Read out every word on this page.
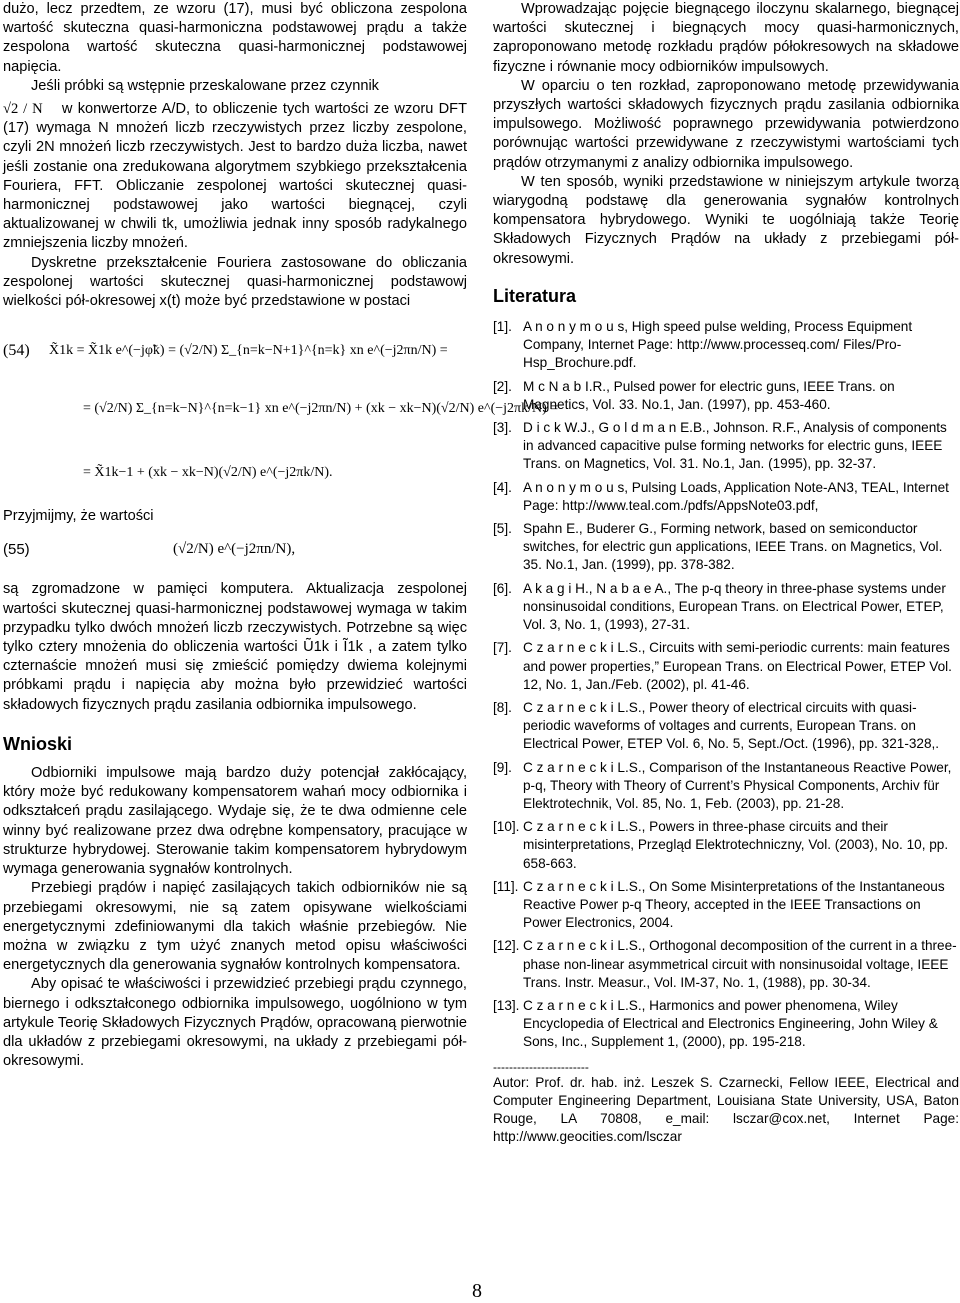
dużo, lecz przedtem, ze wzoru (17), musi być obliczona zespolona wartość skuteczna quasi-harmoniczna podstawowej prądu a także zespolona wartość skuteczna quasi-harmonicznej podstawowej napięcia.

Jeśli próbki są wstępnie przeskalowane przez czynnik

√2 / N w konwertorze A/D, to obliczenie tych wartości ze wzoru DFT (17) wymaga N mnożeń liczb rzeczywistych przez liczby zespolone, czyli 2N mnożeń liczb rzeczywistych. Jest to bardzo duża liczba, nawet jeśli zostanie ona zredukowana algorytmem szybkiego przekształcenia Fouriera, FFT. Obliczanie zespolonej wartości skutecznej quasi-harmonicznej podstawowej jako wartości biegnącej, czyli aktualizowanej w chwili tk, umożliwia jednak inny sposób radykalnego zmniejszenia liczby mnożeń.

Dyskretne przekształcenie Fouriera zastosowane do obliczania zespolonej wartości skutecznej quasi-harmonicznej podstawowj wielkości pół-okresowej x(t) może być przedstawione w postaci

(54) X̃1k = X̃1k e^(−jφ̃k) = (√2/N) Σ_{n=k−N+1}^{n=k} xn e^(−j2πn/N) =
= (√2/N) Σ_{n=k−N}^{n=k−1} xn e^(−j2πn/N) + (xk − xk−N)(√2/N) e^(−j2πk/N) =
= X̃1k−1 + (xk − xk−N)(√2/N) e^(−j2πk/N).

Przyjmijmy, że wartości

(55)	(√2/N) e^(−j2πn/N),

są zgromadzone w pamięci komputera. Aktualizacja zespolonej wartości skutecznej quasi-harmonicznej podstawowej wymaga w takim przypadku tylko dwóch mnożeń liczb rzeczywistych. Potrzebne są więc tylko cztery mnożenia do obliczenia wartości Ũ1k i Ĩ1k , a zatem tylko czternaście mnożeń musi się zmieścić pomiędzy dwiema kolejnymi próbkami prądu i napięcia aby można było przewidzieć wartości składowych fizycznych prądu zasilania odbiornika impulsowego.

Wnioski

Odbiorniki impulsowe mają bardzo duży potencjał zakłócający, który może być redukowany kompensatorem wahań mocy odbiornika i odkształceń prądu zasilającego. Wydaje się, że te dwa odmienne cele winny być realizowane przez dwa odrębne kompensatory, pracujące w strukturze hybrydowej. Sterowanie takim kompensatorem hybrydowym wymaga generowania sygnałów kontrolnych.

Przebiegi prądów i napięć zasilających takich odbiorników nie są przebiegami okresowymi, nie są zatem opisywane wielkościami energetycznymi zdefiniowanymi dla takich właśnie przebiegów. Nie można w związku z tym użyć znanych metod opisu właściwości energetycznych dla generowania sygnałów kontrolnych kompensatora.

Aby opisać te właściwości i przewidzieć przebiegi prądu czynnego, biernego i odkształconego odbiornika impulsowego, uogólniono w tym artykule Teorię Składowych Fizycznych Prądów, opracowaną pierwotnie dla układów z przebiegami okresowymi, na układy z przebiegami pół-okresowymi.

Wprowadzając pojęcie biegnącego iloczynu skalarnego, biegnącej wartości skutecznej i biegnących mocy quasi-harmonicznych, zaproponowano metodę rozkładu prądów półokresowych na składowe fizyczne i równanie mocy odbiorników impulsowych.

W oparciu o ten rozkład, zaproponowano metodę przewidywania przyszłych wartości składowych fizycznych prądu zasilania odbiornika impulsowego. Możliwość poprawnego przewidywania potwierdzono porównując wartości przewidywane z rzeczywistymi wartościami tych prądów otrzymanymi z analizy odbiornika impulsowego.

W ten sposób, wyniki przedstawione w niniejszym artykule tworzą wiarygodną podstawę dla generowania sygnałów kontrolnych kompensatora hybrydowego. Wyniki te uogólniają także Teorię Składowych Fizycznych Prądów na układy z przebiegami pół-okresowymi.

Literatura

[1]. A n o n y m o u s, High speed pulse welding, Process Equipment Company, Internet Page: http://www.processeq.com/ Files/Pro-Hsp_Brochure.pdf.
[2]. M c N a b I.R., Pulsed power for electric guns, IEEE Trans. on Magnetics, Vol. 33. No.1, Jan. (1997), pp. 453-460.
[3]. D i c k W.J., G o l d m a n E.B., Johnson. R.F., Analysis of components in advanced capacitive pulse forming networks for electric guns, IEEE Trans. on Magnetics, Vol. 31. No.1, Jan. (1995), pp. 32-37.
[4]. A n o n y m o u s, Pulsing Loads, Application Note-AN3, TEAL, Internet Page: http://www.teal.com./pdfs/AppsNote03.pdf,
[5]. Spahn E., Buderer G., Forming network, based on semiconductor switches, for electric gun applications, IEEE Trans. on Magnetics, Vol. 35. No.1, Jan. (1999), pp. 378-382.
[6]. A k a g i H., N a b a e A., The p-q theory in three-phase systems under nonsinusoidal conditions, European Trans. on Electrical Power, ETEP, Vol. 3, No. 1, (1993), 27-31.
[7]. C z a r n e c k i L.S., Circuits with semi-periodic currents: main features and power properties,” European Trans. on Electrical Power, ETEP Vol. 12, No. 1, Jan./Feb. (2002), pl. 41-46.
[8]. C z a r n e c k i L.S., Power theory of electrical circuits with quasi-periodic waveforms of voltages and currents, European Trans. on Electrical Power, ETEP Vol. 6, No. 5, Sept./Oct. (1996), pp. 321-328,.
[9]. C z a r n e c k i L.S., Comparison of the Instantaneous Reactive Power, p-q, Theory with Theory of Current’s Physical Components, Archiv für Elektrotechnik, Vol. 85, No. 1, Feb. (2003), pp. 21-28.
[10]. C z a r n e c k i L.S., Powers in three-phase circuits and their misinterpretations, Przegląd Elektrotechniczny, Vol. (2003), No. 10, pp. 658-663.
[11]. C z a r n e c k i L.S., On Some Misinterpretations of the Instantaneous Reactive Power p-q Theory, accepted in the IEEE Transactions on Power Electronics, 2004.
[12]. C z a r n e c k i L.S., Orthogonal decomposition of the current in a three-phase non-linear asymmetrical circuit with nonsinusoidal voltage, IEEE Trans. Instr. Measur., Vol. IM-37, No. 1, (1988), pp. 30-34.
[13]. C z a r n e c k i L.S., Harmonics and power phenomena, Wiley Encyclopedia of Electrical and Electronics Engineering, John Wiley & Sons, Inc., Supplement 1, (2000), pp. 195-218.

------------------------

Autor: Prof. dr. hab. inż. Leszek S. Czarnecki, Fellow IEEE, Electrical and Computer Engineering Department, Louisiana State University, USA, Baton Rouge, LA 70808, e_mail: lsczar@cox.net, Internet Page: http://www.geocities.com/lsczar

8
